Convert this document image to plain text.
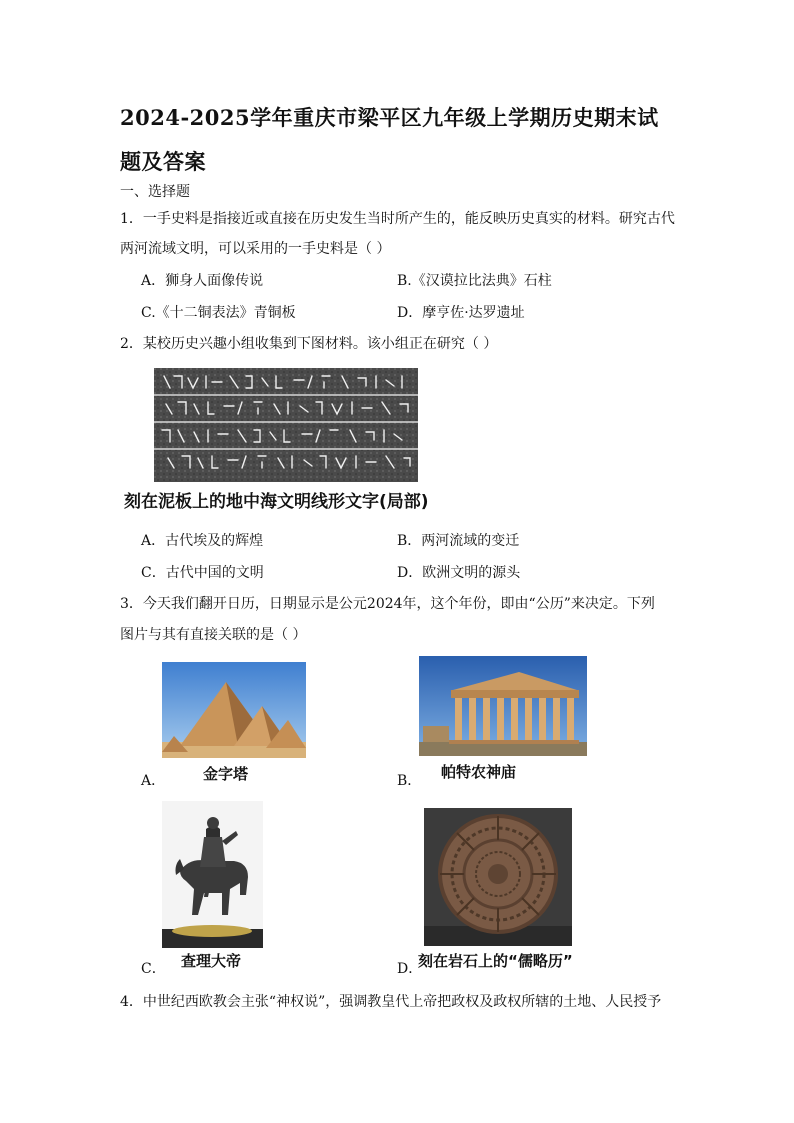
2024-2025学年重庆市梁平区九年级上学期历史期末试题及答案
一、选择题
1．一手史料是指接近或直接在历史发生当时所产生的，能反映历史真实的材料。研究古代
两河流域文明，可以采用的一手史料是（ ）
A．狮身人面像传说	B.《汉谟拉比法典》石柱
C.《十二铜表法》青铜板	D．摩亨佐·达罗遗址
2．某校历史兴趣小组收集到下图材料。该小组正在研究（ ）
刻在泥板上的地中海文明线形文字(局部)
A．古代埃及的辉煌	B．两河流域的变迁
C．古代中国的文明	D．欧洲文明的源头
3．今天我们翻开日历，日期显示是公元2024年，这个年份，即由“公历”来决定。下列
图片与其有直接关联的是（ ）
A．	金字塔	B． 帕特农神庙
C． 查理大帝	D．
刻在岩石上的“儒略历”
4．中世纪西欧教会主张“神权说”，强调教皇代上帝把政权及政权所辖的土地、人民授予
